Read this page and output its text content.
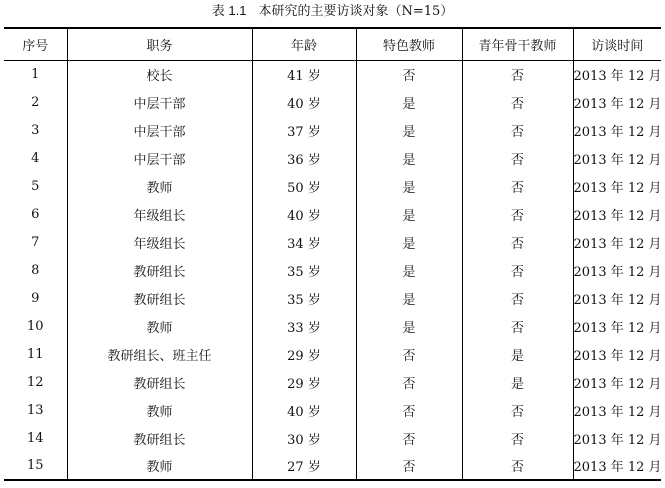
表 1.1 本研究的主要访谈对象（N=15）
序号	职务	年龄	特色教师	青年骨干教师	访谈时间
1	校长	41 岁	否	否	2013 年 12 月
2	中层干部	40 岁	是	否	2013 年 12 月
3	中层干部	37 岁	是	否	2013 年 12 月
4	中层干部	36 岁	是	否	2013 年 12 月
5	教师	50 岁	是	否	2013 年 12 月
6	年级组长	40 岁	是	否	2013 年 12 月
7	年级组长	34 岁	是	否	2013 年 12 月
8	教研组长	35 岁	是	否	2013 年 12 月
9	教研组长	35 岁	是	否	2013 年 12 月
10	教师	33 岁	是	否	2013 年 12 月
11	教研组长、班主任	29 岁	否	是	2013 年 12 月
12	教研组长	29 岁	否	是	2013 年 12 月
13	教师	40 岁	否	否	2013 年 12 月
14	教研组长	30 岁	否	否	2013 年 12 月
15	教师	27 岁	否	否	2013 年 12 月
